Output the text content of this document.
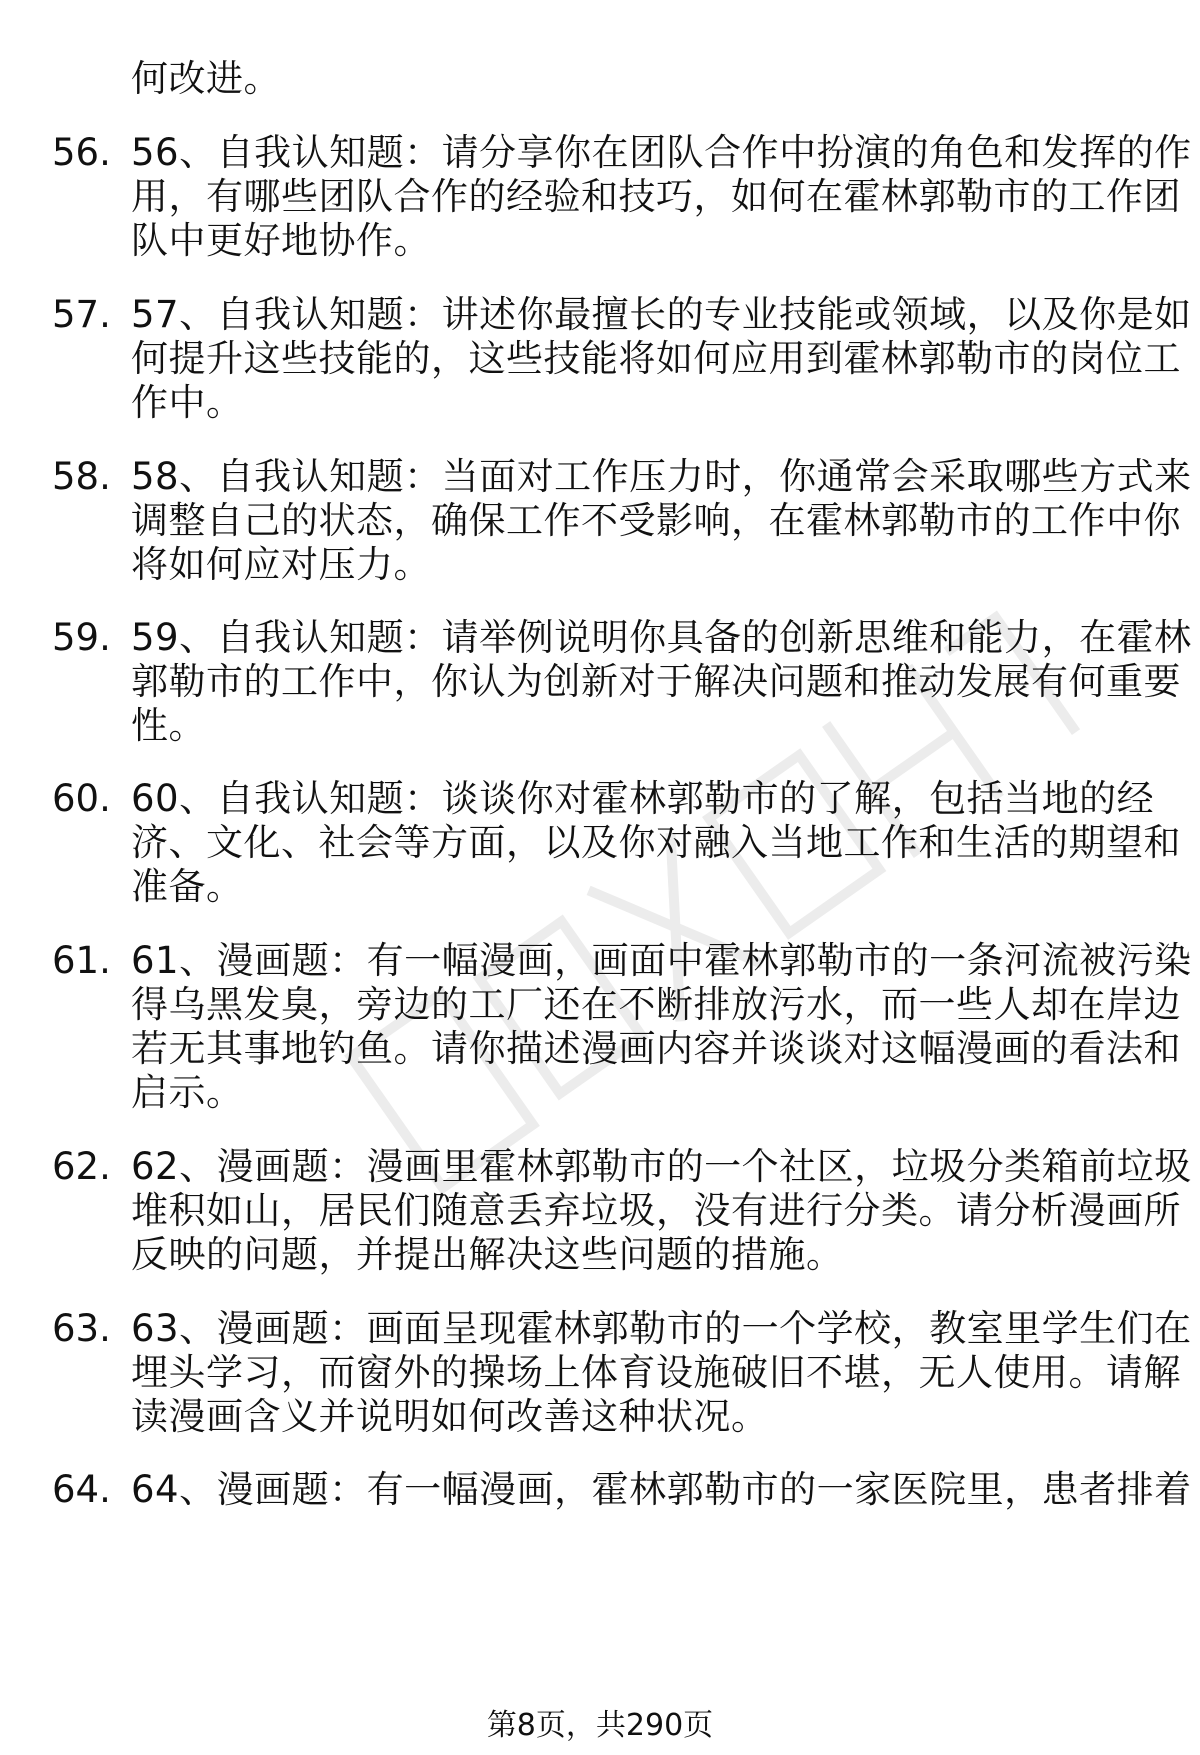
何改进。
56. 56、自我认知题：请分享你在团队合作中扮演的角色和发挥的作
用，有哪些团队合作的经验和技巧，如何在霍林郭勒市的工作团
队中更好地协作。
57. 57、自我认知题：讲述你最擅长的专业技能或领域，以及你是如
何提升这些技能的，这些技能将如何应用到霍林郭勒市的岗位工
作中。
58. 58、自我认知题：当面对工作压力时，你通常会采取哪些方式来
调整自己的状态，确保工作不受影响，在霍林郭勒市的工作中你
将如何应对压力。
59. 59、自我认知题：请举例说明你具备的创新思维和能力，在霍林
郭勒市的工作中，你认为创新对于解决问题和推动发展有何重要
性。
60. 60、自我认知题：谈谈你对霍林郭勒市的了解，包括当地的经
济、文化、社会等方面，以及你对融入当地工作和生活的期望和
准备。
61. 61、漫画题：有一幅漫画，画面中霍林郭勒市的一条河流被污染
得乌黑发臭，旁边的工厂还在不断排放污水，而一些人却在岸边
若无其事地钓鱼。请你描述漫画内容并谈谈对这幅漫画的看法和
启示。
62. 62、漫画题：漫画里霍林郭勒市的一个社区，垃圾分类箱前垃圾
堆积如山，居民们随意丢弃垃圾，没有进行分类。请分析漫画所
反映的问题，并提出解决这些问题的措施。
63. 63、漫画题：画面呈现霍林郭勒市的一个学校，教室里学生们在
埋头学习，而窗外的操场上体育设施破旧不堪，无人使用。请解
读漫画含义并说明如何改善这种状况。
64. 64、漫画题：有一幅漫画，霍林郭勒市的一家医院里，患者排着
第8页，共290页
